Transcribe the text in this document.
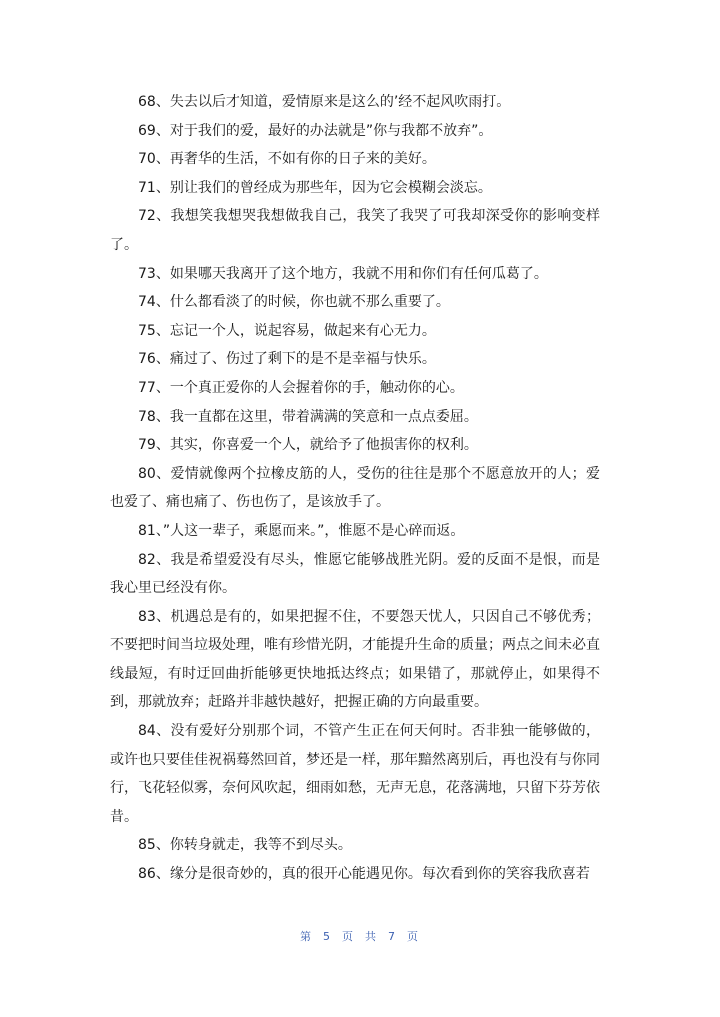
68、失去以后才知道，爱情原来是这么的’经不起风吹雨打。

69、对于我们的爱，最好的办法就是”你与我都不放弃”。

70、再奢华的生活，不如有你的日子来的美好。

71、别让我们的曾经成为那些年，因为它会模糊会淡忘。

72、我想笑我想哭我想做我自己，我笑了我哭了可我却深受你的影响变样了。

73、如果哪天我离开了这个地方，我就不用和你们有任何瓜葛了。

74、什么都看淡了的时候，你也就不那么重要了。

75、忘记一个人，说起容易，做起来有心无力。

76、痛过了、伤过了剩下的是不是幸福与快乐。

77、一个真正爱你的人会握着你的手，触动你的心。

78、我一直都在这里，带着满满的笑意和一点点委屈。

79、其实，你喜爱一个人，就给予了他损害你的权利。

80、爱情就像两个拉橡皮筋的人，受伤的往往是那个不愿意放开的人；爱也爱了、痛也痛了、伤也伤了，是该放手了。

81、”人这一辈子，乘愿而来。”，惟愿不是心碎而返。

82、我是希望爱没有尽头，惟愿它能够战胜光阴。爱的反面不是恨，而是我心里已经没有你。

83、机遇总是有的，如果把握不住，不要怨天忧人，只因自己不够优秀；不要把时间当垃圾处理，唯有珍惜光阴，才能提升生命的质量；两点之间未必直线最短，有时迂回曲折能够更快地抵达终点；如果错了，那就停止，如果得不到，那就放弃；赶路并非越快越好，把握正确的方向最重要。

84、没有爱好分别那个词，不管产生正在何天何时。否非独一能够做的，或许也只要佳佳祝祸蓦然回首，梦还是一样，那年黯然离别后，再也没有与你同行，飞花轻似雾，奈何风吹起，细雨如愁，无声无息，花落满地，只留下芬芳依昔。

85、你转身就走，我等不到尽头。

86、缘分是很奇妙的，真的很开心能遇见你。每次看到你的笑容我欣喜若

第 5 页 共 7 页
